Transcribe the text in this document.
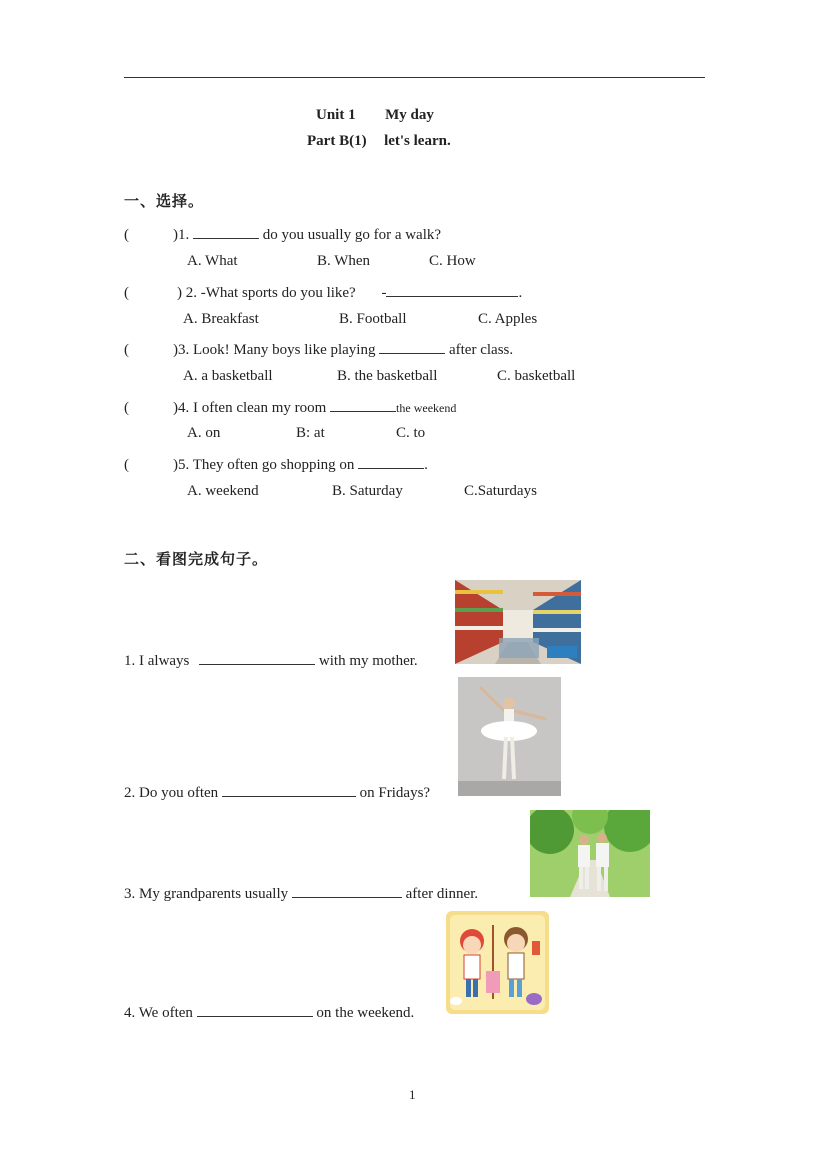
Unit 1 My day
Part B(1) let's learn.
一、选择。
(	)1.	do you usually go for a walk?
A. What	B. When	C. How
(	) 2. -What sports do you like? -	.
A. Breakfast	B. Football	C. Apples
(	)3. Look! Many boys like playing	after class.
A. a basketball	B. the basketball	C. basketball
(	)4. I often clean my room	the weekend
A. on	B: at	C. to
(	)5. They often go shopping on	.
A. weekend	B. Saturday	C.Saturdays
二、看图完成句子。
1. I always	with my mother.
2. Do you often	on Fridays?
3. My grandparents usually	after dinner.
4. We often	on the weekend.
1
